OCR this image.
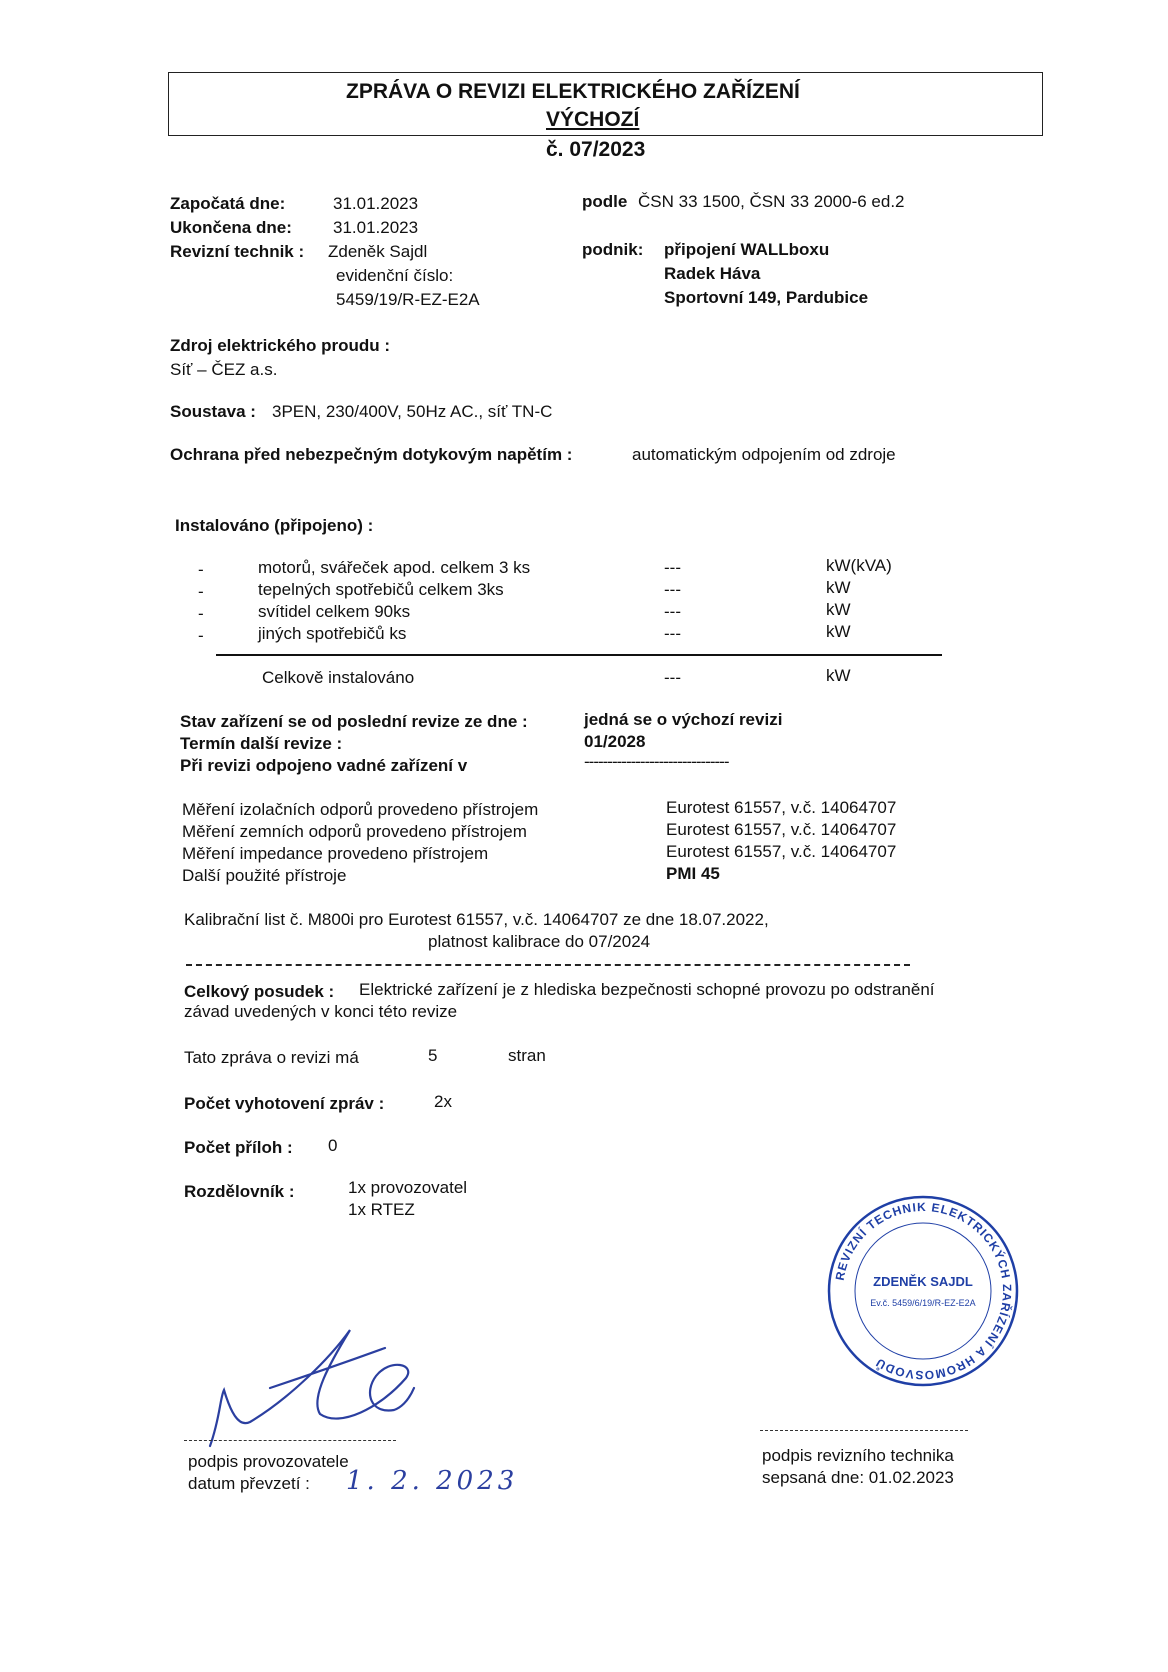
ZPRÁVA O REVIZI ELEKTRICKÉHO ZAŘÍZENÍ
VÝCHOZÍ
č. 07/2023
Započatá dne:	31.01.2023
Ukončena dne: 31.01.2023
Revizní technik : Zdeněk Sajdl
evidenční číslo:
5459/19/R-EZ-E2A
podle ČSN 33 1500, ČSN 33 2000-6 ed.2
podnik: připojení WALLboxu
Radek Háva
Sportovní 149, Pardubice
Zdroj elektrického proudu :
Síť – ČEZ a.s.
Soustava : 3PEN, 230/400V, 50Hz AC., síť TN-C
Ochrana před nebezpečným dotykovým napětím :	automatickým odpojením od zdroje
Instalováno (připojeno) :
-	motorů, svářeček apod. celkem 3 ks	---	kW(kVA)
-	tepelných spotřebičů celkem 3ks	---	kW
-	svítidel celkem 90ks	---	kW
-	jiných spotřebičů ks	---	kW
Celkově instalováno	---	kW
Stav zařízení se od poslední revize ze dne :	jedná se o výchozí revizi
Termín další revize :	01/2028
Při revizi odpojeno vadné zařízení v	-------------------------------
Měření izolačních odporů provedeno přístrojem	Eurotest 61557, v.č. 14064707
Měření zemních odporů provedeno přístrojem	Eurotest 61557, v.č. 14064707
Měření impedance provedeno přístrojem	Eurotest 61557, v.č. 14064707
Další použité přístroje	PMI 45
Kalibrační list č. M800i pro Eurotest 61557, v.č. 14064707 ze dne 18.07.2022,
platnost kalibrace do 07/2024
Celkový posudek : Elektrické zařízení je z hlediska bezpečnosti schopné provozu po odstranění
závad uvedených v konci této revize
Tato zpráva o revizi má	5	stran
Počet vyhotovení zpráv :	2x
Počet příloh : 0
Rozdělovník :	1x provozovatel
1x RTEZ
REVIZNÍ TECHNIK ELEKTRICKÝCH ZAŘÍZENÍ A HROMOSVODŮ
ZDENĚK SAJDL
Ev.č. 5459/6/19/R-EZ-E2A
podpis provozovatele
datum převzetí : 1. 2. 2023
podpis revizního technika
sepsaná dne: 01.02.2023
